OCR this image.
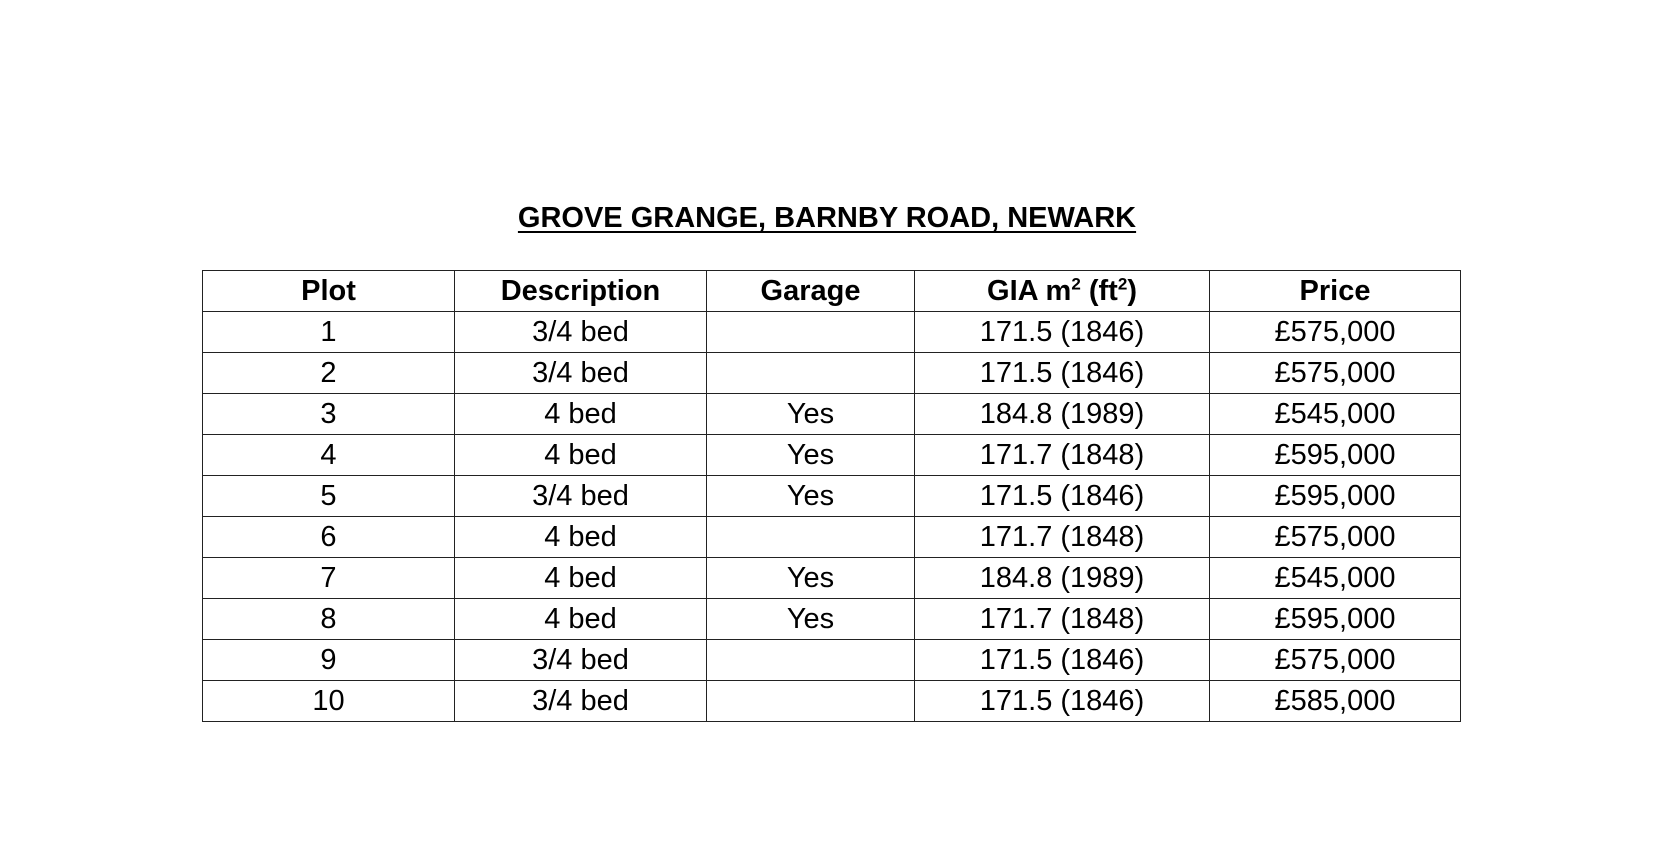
GROVE GRANGE, BARNBY ROAD, NEWARK
Plot	Description	Garage	GIA $m^2$ $(ft^2)$	Price
1	3/4 bed		171.5 (1846)	£575,000
2	3/4 bed		171.5 (1846)	£575,000
3	4 bed	Yes	184.8 (1989)	£545,000
4	4 bed	Yes	171.7 (1848)	£595,000
5	3/4 bed	Yes	171.5 (1846)	£595,000
6	4 bed		171.7 (1848)	£575,000
7	4 bed	Yes	184.8 (1989)	£545,000
8	4 bed	Yes	171.7 (1848)	£595,000
9	3/4 bed		171.5 (1846)	£575,000
10	3/4 bed		171.5 (1846)	£585,000
